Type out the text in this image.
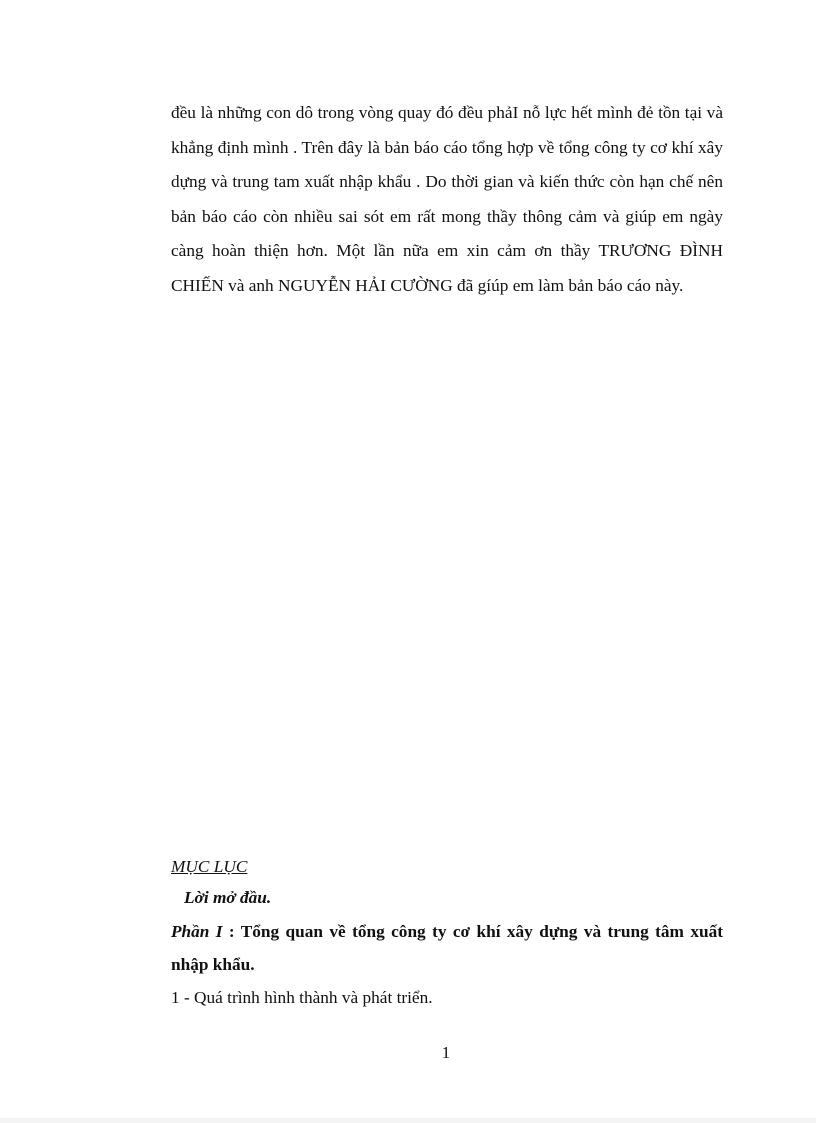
đều là những con dô trong vòng quay đó đều phảI nỗ lực hết mình đẻ tồn tại và khẳng định mình . Trên đây là bản báo cáo tổng hợp về tổng công ty cơ khí xây dựng và trung tam xuất nhập khẩu . Do thời gian và kiến thức còn hạn chế nên bản báo cáo còn nhiều sai sót em rất mong thầy thông cảm và giúp em ngày càng hoàn thiện hơn. Một lần nữa em xin cảm ơn thầy TRƯƠNG ĐÌNH CHIẾN và anh NGUYỄN HẢI CƯỜNG đã gíúp em làm bản báo cáo này.

MỤC LỤC
Lời mở đầu.
Phần I : Tổng quan về tổng công ty cơ khí xây dựng và trung tâm xuất nhập khẩu.
1 - Quá trình hình thành và phát triển.
1
